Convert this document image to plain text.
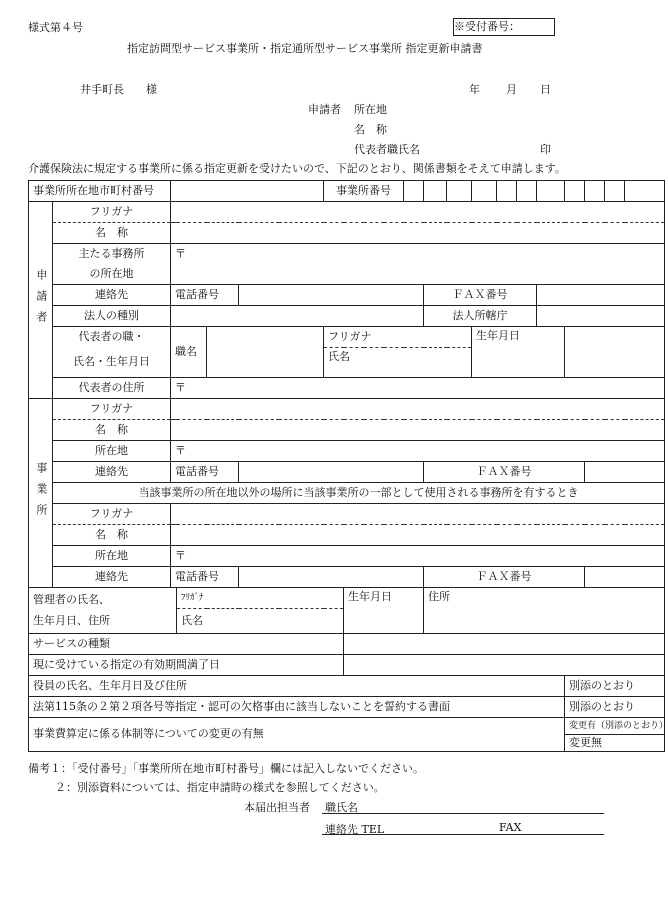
様式第４号	※受付番号：
指定訪問型サービス事業所・指定通所型サービス事業所 指定更新申請書
井手町長　　様	年 月 日
申請者 所在地
名　称
代表者職氏名	印
介護保険法に規定する事業所に係る指定更新を受けたいので、下記のとおり、関係書類をそえて申請します。
事業所所在地市町村番号						事業所番号												
申請者	フリガナ																	
	名　称																	
	主たる事務所	〒																
	の所在地																	
	連絡先	電話番号							ＦＡＸ番号									
	法人の種別								法人所轄庁									
	代表者の職・	職名				フリガナ					生年月日							
	氏名・生年月日					氏名												
	代表者の住所	〒																
事業所	フリガナ																	
	名　称																	
	所在地	〒																
	連絡先	電話番号							ＦＡＸ番号									
	当該事業所の所在地以外の場所に当該事業所の一部として使用される事務所を有するとき																	
	フリガナ																	
	名　称																	
	所在地	〒																
	連絡先	電話番号							ＦＡＸ番号									
管理者の氏名、
生年月日、住所			ﾌﾘｶﾞﾅ				生年月日		住所									
			氏名															
サービスの種類																		
現に受けている指定の有効期間満了日																		
役員の氏名、生年月日及び住所															別添のとおり			
法第115条の２第２項各号等指定・認可の欠格事由に該当しないことを誓約する書面															別添のとおり			
事業費算定に係る体制等についての変更の有無															変更有（別添のとおり）			
															変更無			
備考１：「受付番号」「事業所所在地市町村番号」欄には記入しないでください。
２：別添資料については、指定申請時の様式を参照してください。
本届出担当者 職氏名
連絡先 TEL	FAX
